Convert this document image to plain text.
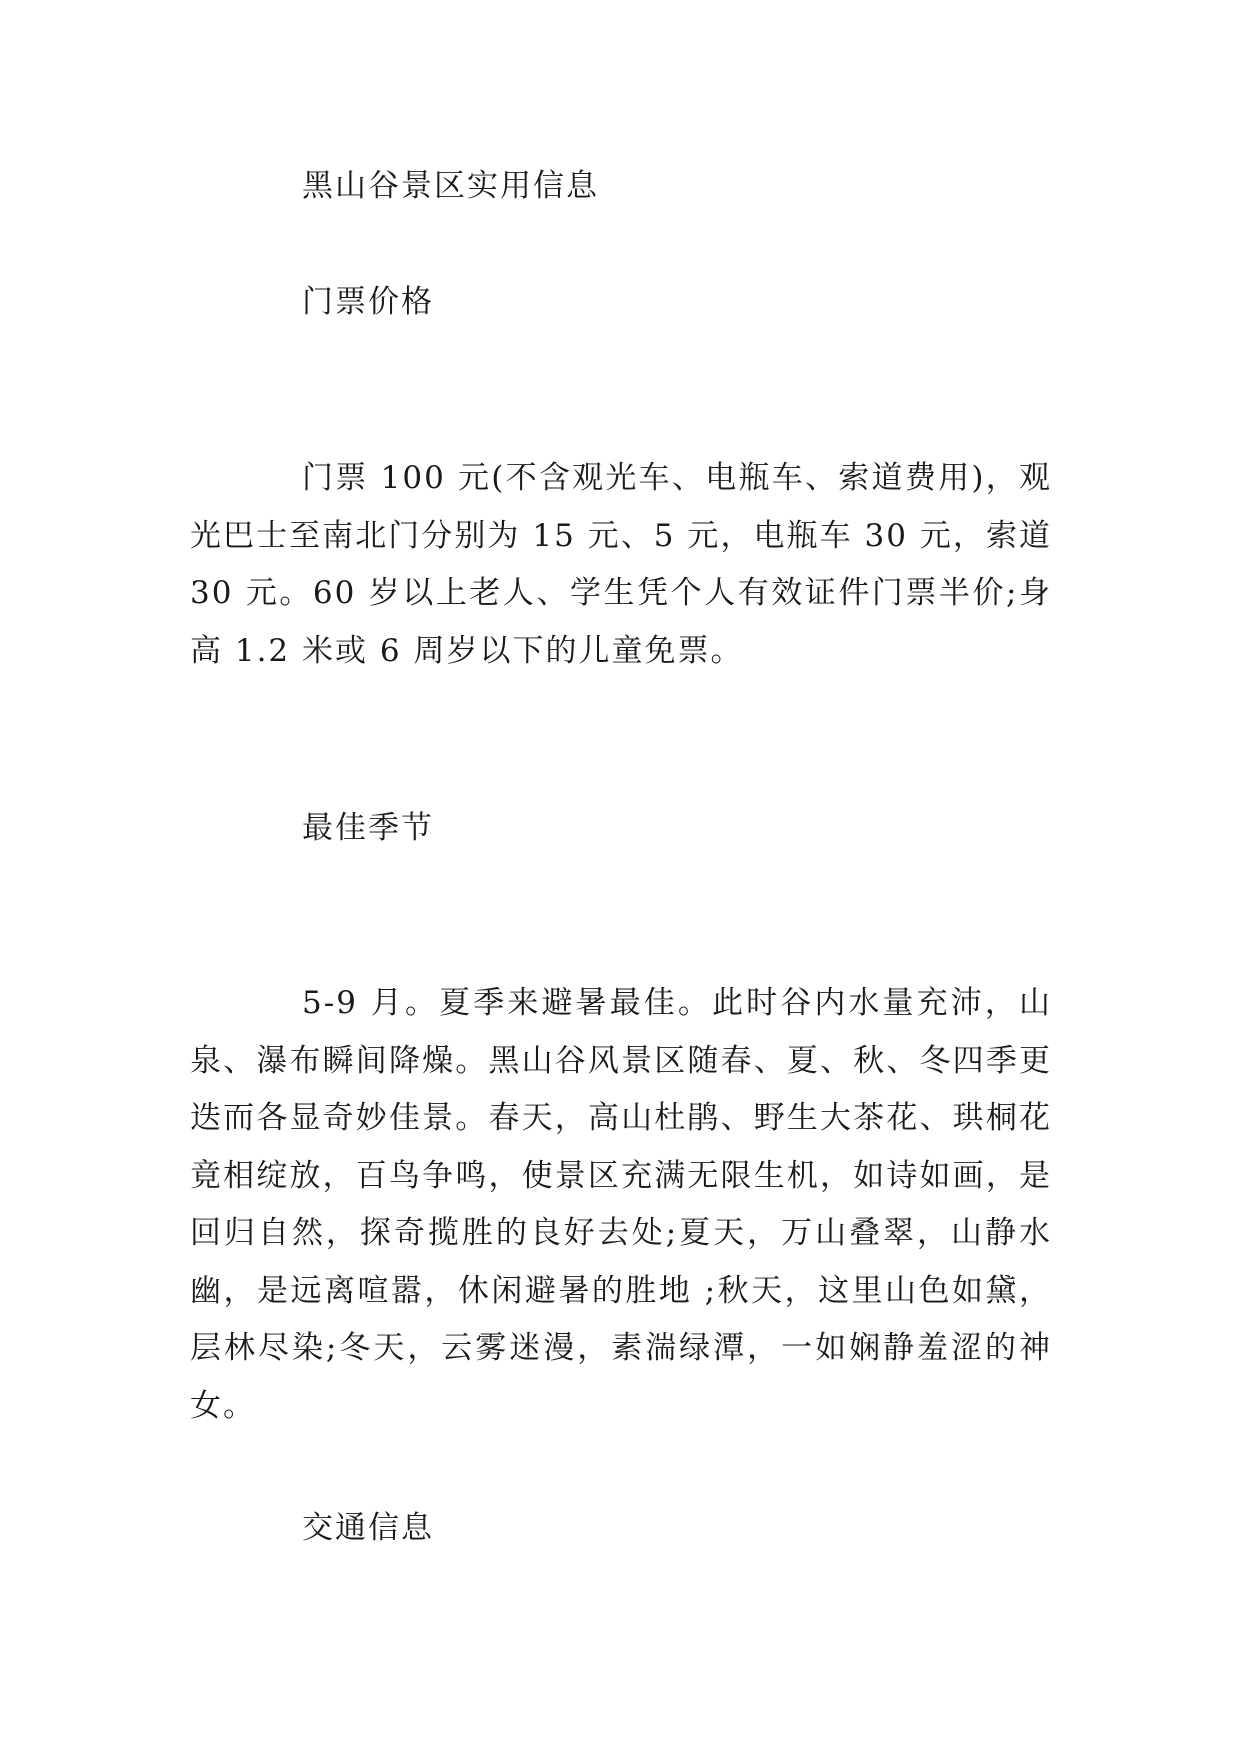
黑山谷景区实用信息
门票价格

门票 100 元(不含观光车、电瓶车、索道费用)，观光巴士至南北门分别为 15 元、5 元，电瓶车 30 元，索道 30 元。60 岁以上老人、学生凭个人有效证件门票半价;身高 1.2 米或 6 周岁以下的儿童免票。

最佳季节

5-9 月。夏季来避暑最佳。此时谷内水量充沛，山泉、瀑布瞬间降燥。黑山谷风景区随春、夏、秋、冬四季更迭而各显奇妙佳景。春天，高山杜鹃、野生大茶花、珙桐花竟相绽放，百鸟争鸣，使景区充满无限生机，如诗如画，是回归自然，探奇揽胜的良好去处;夏天，万山叠翠，山静水幽，是远离喧嚣，休闲避暑的胜地 ;秋天，这里山色如黛，层林尽染;冬天，云雾迷漫，素湍绿潭，一如娴静羞涩的神女。

交通信息
